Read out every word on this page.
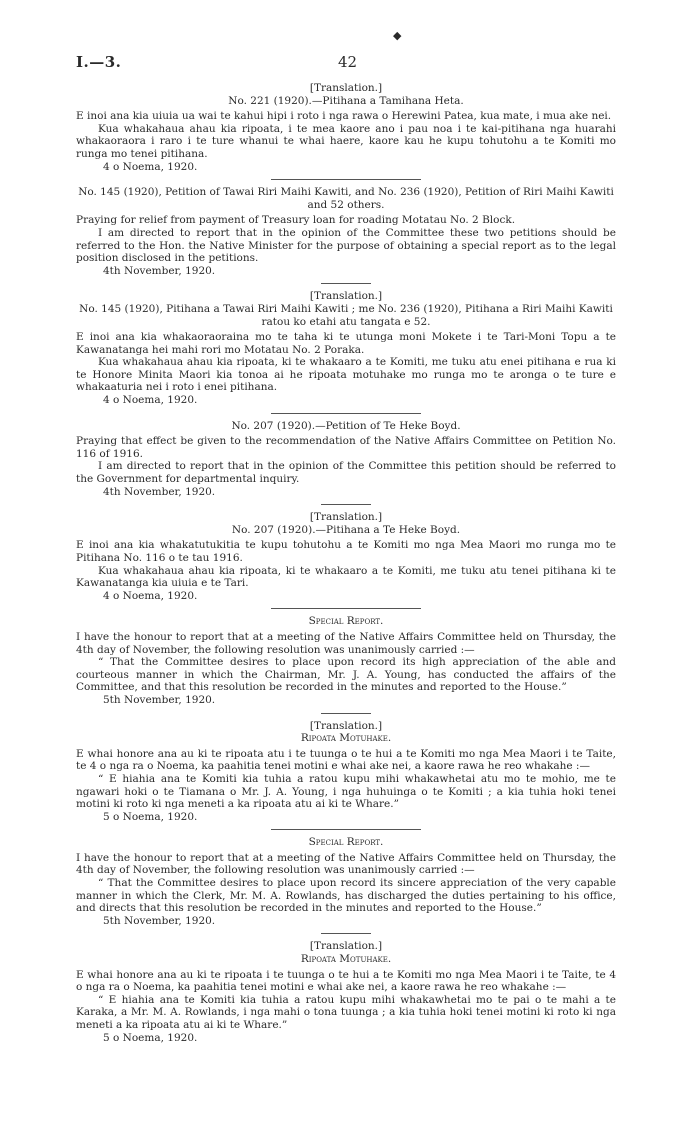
I.—3.
◆
42

[Translation.]

No. 221 (1920).—Pitihana a Tamihana Heta.

E inoi ana kia uiuia ua wai te kahui hipi i roto i nga rawa o Herewini Patea, kua mate, i mua ake nei.

Kua whakahaua ahau kia ripoata, i te mea kaore ano i pau noa i te kai-pitihana nga huarahi whakaoraora i raro i te ture whanui te whai haere, kaore kau he kupu tohutohu a te Komiti mo runga mo tenei pitihana.

4 o Noema, 1920.

No. 145 (1920), Petition of Tawai Riri Maihi Kawiti, and No. 236 (1920), Petition of Riri Maihi Kawiti and 52 others.

Praying for relief from payment of Treasury loan for roading Motatau No. 2 Block.

I am directed to report that in the opinion of the Committee these two petitions should be referred to the Hon. the Native Minister for the purpose of obtaining a special report as to the legal position disclosed in the petitions.

4th November, 1920.

[Translation.]

No. 145 (1920), Pitihana a Tawai Riri Maihi Kawiti ; me No. 236 (1920), Pitihana a Riri Maihi Kawiti ratou ko etahi atu tangata e 52.

E inoi ana kia whakaoraoraina mo te taha ki te utunga moni Mokete i te Tari-Moni Topu a te Kawanatanga hei mahi rori mo Motatau No. 2 Poraka.

Kua whakahaua ahau kia ripoata, ki te whakaaro a te Komiti, me tuku atu enei pitihana e rua ki te Honore Minita Maori kia tonoa ai he ripoata motuhake mo runga mo te aronga o te ture e whakaaturia nei i roto i enei pitihana.

4 o Noema, 1920.

No. 207 (1920).—Petition of Te Heke Boyd.

Praying that effect be given to the recommendation of the Native Affairs Committee on Petition No. 116 of 1916.

I am directed to report that in the opinion of the Committee this petition should be referred to the Government for departmental inquiry.

4th November, 1920.

[Translation.]

No. 207 (1920).—Pitihana a Te Heke Boyd.

E inoi ana kia whakatutukitia te kupu tohutohu a te Komiti mo nga Mea Maori mo runga mo te Pitihana No. 116 o te tau 1916.

Kua whakahaua ahau kia ripoata, ki te whakaaro a te Komiti, me tuku atu tenei pitihana ki te Kawanatanga kia uiuia e te Tari.

4 o Noema, 1920.

Special Report.

I have the honour to report that at a meeting of the Native Affairs Committee held on Thursday, the 4th day of November, the following resolution was unanimously carried :—

“ That the Committee desires to place upon record its high appreciation of the able and courteous manner in which the Chairman, Mr. J. A. Young, has conducted the affairs of the Committee, and that this resolution be recorded in the minutes and reported to the House.”

5th November, 1920.

[Translation.]

Ripoata Motuhake.

E whai honore ana au ki te ripoata atu i te tuunga o te hui a te Komiti mo nga Mea Maori i te Taite, te 4 o nga ra o Noema, ka paahitia tenei motini e whai ake nei, a kaore rawa he reo whakahe :—

“ E hiahia ana te Komiti kia tuhia a ratou kupu mihi whakawhetai atu mo te mohio, me te ngawari hoki o te Tiamana o Mr. J. A. Young, i nga huhuinga o te Komiti ; a kia tuhia hoki tenei motini ki roto ki nga meneti a ka ripoata atu ai ki te Whare.”

5 o Noema, 1920.

Special Report.

I have the honour to report that at a meeting of the Native Affairs Committee held on Thursday, the 4th day of November, the following resolution was unanimously carried :—

“ That the Committee desires to place upon record its sincere appreciation of the very capable manner in which the Clerk, Mr. M. A. Rowlands, has discharged the duties pertaining to his office, and directs that this resolution be recorded in the minutes and reported to the House.”

5th November, 1920.

[Translation.]

Ripoata Motuhake.

E whai honore ana au ki te ripoata i te tuunga o te hui a te Komiti mo nga Mea Maori i te Taite, te 4 o nga ra o Noema, ka paahitia tenei motini e whai ake nei, a kaore rawa he reo whakahe :—

“ E hiahia ana te Komiti kia tuhia a ratou kupu mihi whakawhetai mo te pai o te mahi a te Karaka, a Mr. M. A. Rowlands, i nga mahi o tona tuunga ; a kia tuhia hoki tenei motini ki roto ki nga meneti a ka ripoata atu ai ki te Whare.”

5 o Noema, 1920.
